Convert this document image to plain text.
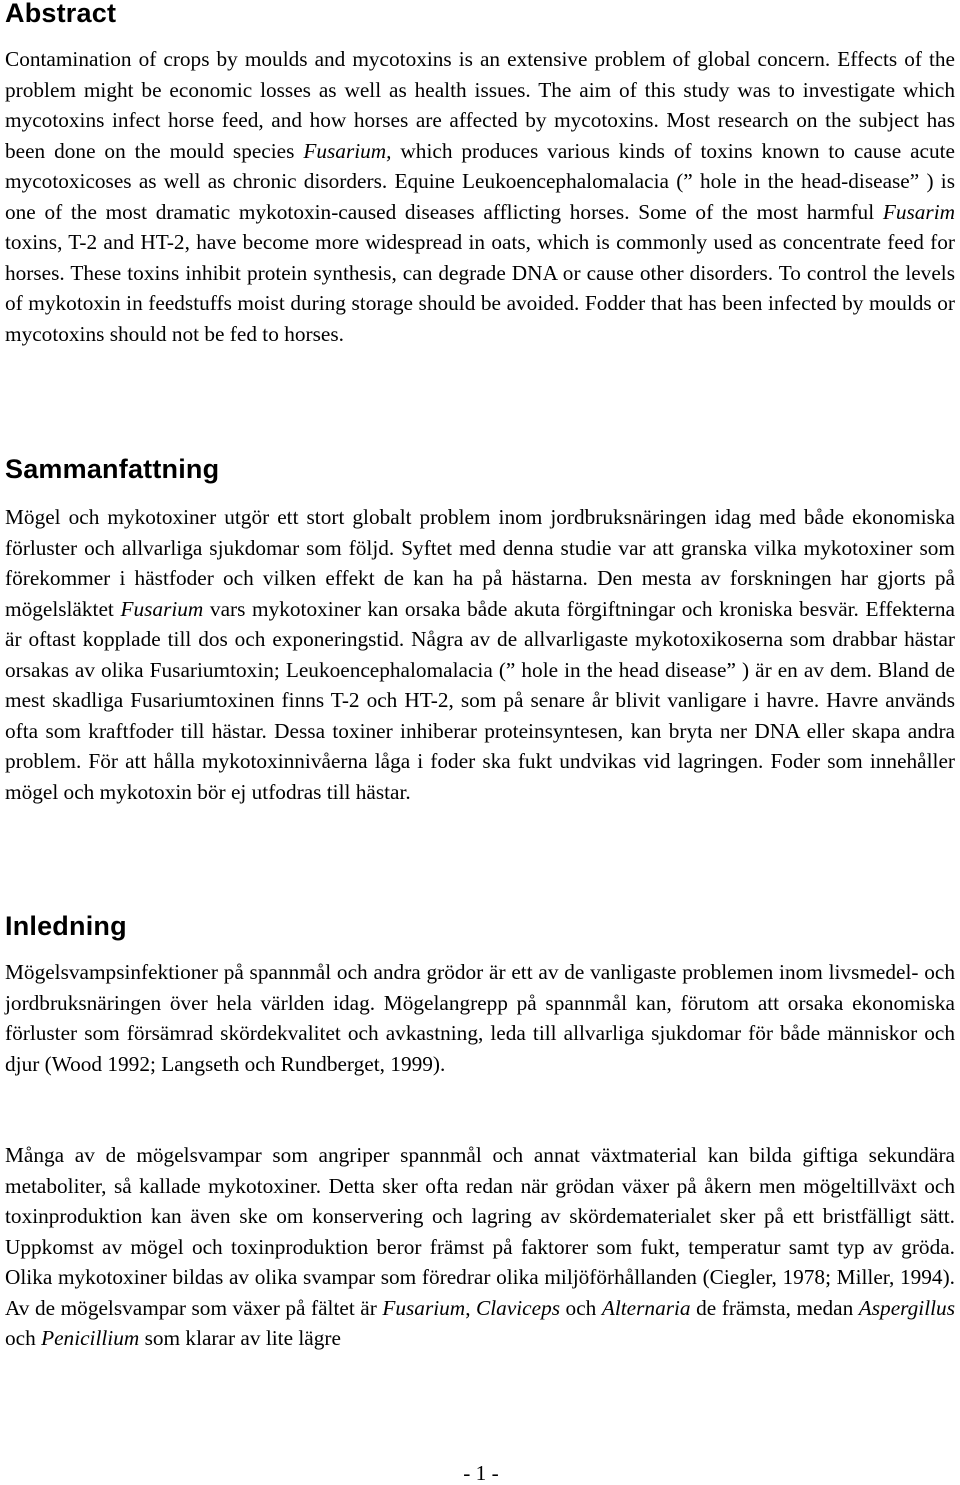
Abstract

Contamination of crops by moulds and mycotoxins is an extensive problem of global concern. Effects of the problem might be economic losses as well as health issues. The aim of this study was to investigate which mycotoxins infect horse feed, and how horses are affected by mycotoxins. Most research on the subject has been done on the mould species Fusarium, which produces various kinds of toxins known to cause acute mycotoxicoses as well as chronic disorders. Equine Leukoencephalomalacia (” hole in the head-disease” ) is one of the most dramatic mykotoxin-caused diseases afflicting horses. Some of the most harmful Fusarim toxins, T-2 and HT-2, have become more widespread in oats, which is commonly used as concentrate feed for horses. These toxins inhibit protein synthesis, can degrade DNA or cause other disorders. To control the levels of mykotoxin in feedstuffs moist during storage should be avoided. Fodder that has been infected by moulds or mycotoxins should not be fed to horses.

Sammanfattning

Mögel och mykotoxiner utgör ett stort globalt problem inom jordbruksnäringen idag med både ekonomiska förluster och allvarliga sjukdomar som följd. Syftet med denna studie var att granska vilka mykotoxiner som förekommer i hästfoder och vilken effekt de kan ha på hästarna. Den mesta av forskningen har gjorts på mögelsläktet Fusarium vars mykotoxiner kan orsaka både akuta förgiftningar och kroniska besvär. Effekterna är oftast kopplade till dos och exponeringstid. Några av de allvarligaste mykotoxikoserna som drabbar hästar orsakas av olika Fusariumtoxin; Leukoencephalomalacia (” hole in the head disease” ) är en av dem. Bland de mest skadliga Fusariumtoxinen finns T-2 och HT-2, som på senare år blivit vanligare i havre. Havre används ofta som kraftfoder till hästar. Dessa toxiner inhiberar proteinsyntesen, kan bryta ner DNA eller skapa andra problem. För att hålla mykotoxinnivåerna låga i foder ska fukt undvikas vid lagringen. Foder som innehåller mögel och mykotoxin bör ej utfodras till hästar.

Inledning

Mögelsvampsinfektioner på spannmål och andra grödor är ett av de vanligaste problemen inom livsmedel- och jordbruksnäringen över hela världen idag. Mögelangrepp på spannmål kan, förutom att orsaka ekonomiska förluster som försämrad skördekvalitet och avkastning, leda till allvarliga sjukdomar för både människor och djur (Wood 1992; Langseth och Rundberget, 1999).

Många av de mögelsvampar som angriper spannmål och annat växtmaterial kan bilda giftiga sekundära metaboliter, så kallade mykotoxiner. Detta sker ofta redan när grödan växer på åkern men mögeltillväxt och toxinproduktion kan även ske om konservering och lagring av skördematerialet sker på ett bristfälligt sätt. Uppkomst av mögel och toxinproduktion beror främst på faktorer som fukt, temperatur samt typ av gröda. Olika mykotoxiner bildas av olika svampar som föredrar olika miljöförhållanden (Ciegler, 1978; Miller, 1994). Av de mögelsvampar som växer på fältet är Fusarium, Claviceps och Alternaria de främsta, medan Aspergillus och Penicillium som klarar av lite lägre

- 1 -
